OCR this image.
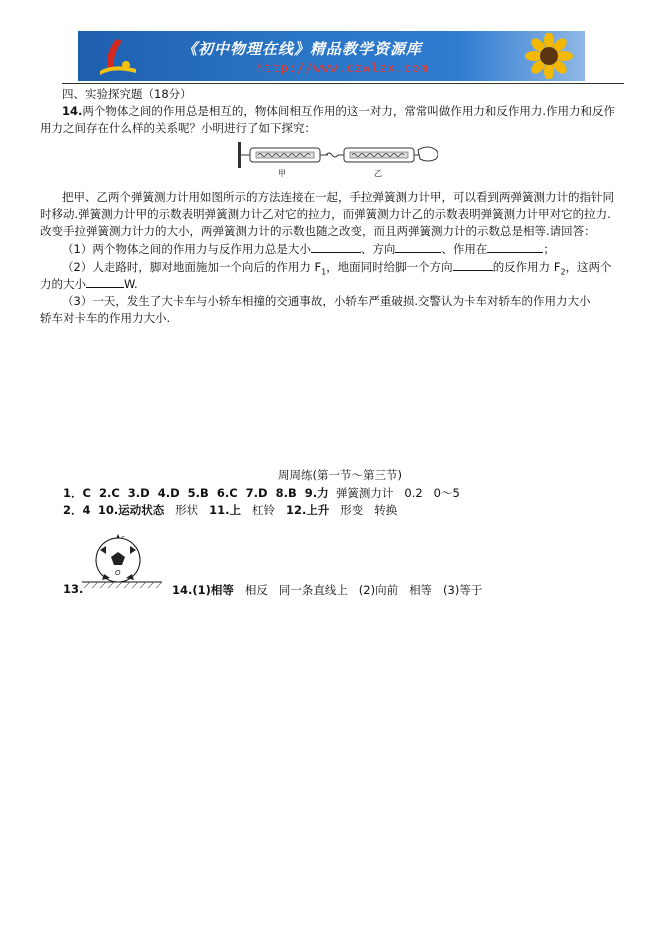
《初中物理在线》精品教学资源库
http://www.czwlzx.com
四、实验探究题（18分）
14.两个物体之间的作用总是相互的，物体间相互作用的这一对力，常常叫做作用力和反作用力.作用力和反作
用力之间存在什么样的关系呢？小明进行了如下探究：
甲	乙
把甲、乙两个弹簧测力计用如图所示的方法连接在一起，手拉弹簧测力计甲，可以看到两弹簧测力计的指针同
时移动.弹簧测力计甲的示数表明弹簧测力计乙对它的拉力，而弹簧测力计乙的示数表明弹簧测力计甲对它的拉力.
改变手拉弹簧测力计力的大小，两弹簧测力计的示数也随之改变，而且两弹簧测力计的示数总是相等.请回答：
（1）两个物体之间的作用力与反作用力总是大小	、方向	、作用在	；
（2）人走路时，脚对地面施加一个向后的作用力 $F_1$，地面同时给脚一个方向	的反作用力 $F_2$，这两个
力的大小	W.
（3）一天，发生了大卡车与小轿车相撞的交通事故，小轿车严重破损.交警认为卡车对轿车的作用力大小
轿车对卡车的作用力大小.
周周练(第一节～第三节)
1．C 2.C 3.D 4.D 5.B 6.C 7.D 8.B 9.力 弹簧测力计 0.2 0～5
2．4 10.运动状态 形状 11.上 杠铃 12.上升 形变 转换
O
13.	14.(1)相等 相反 同一条直线上 (2)向前 相等 (3)等于
